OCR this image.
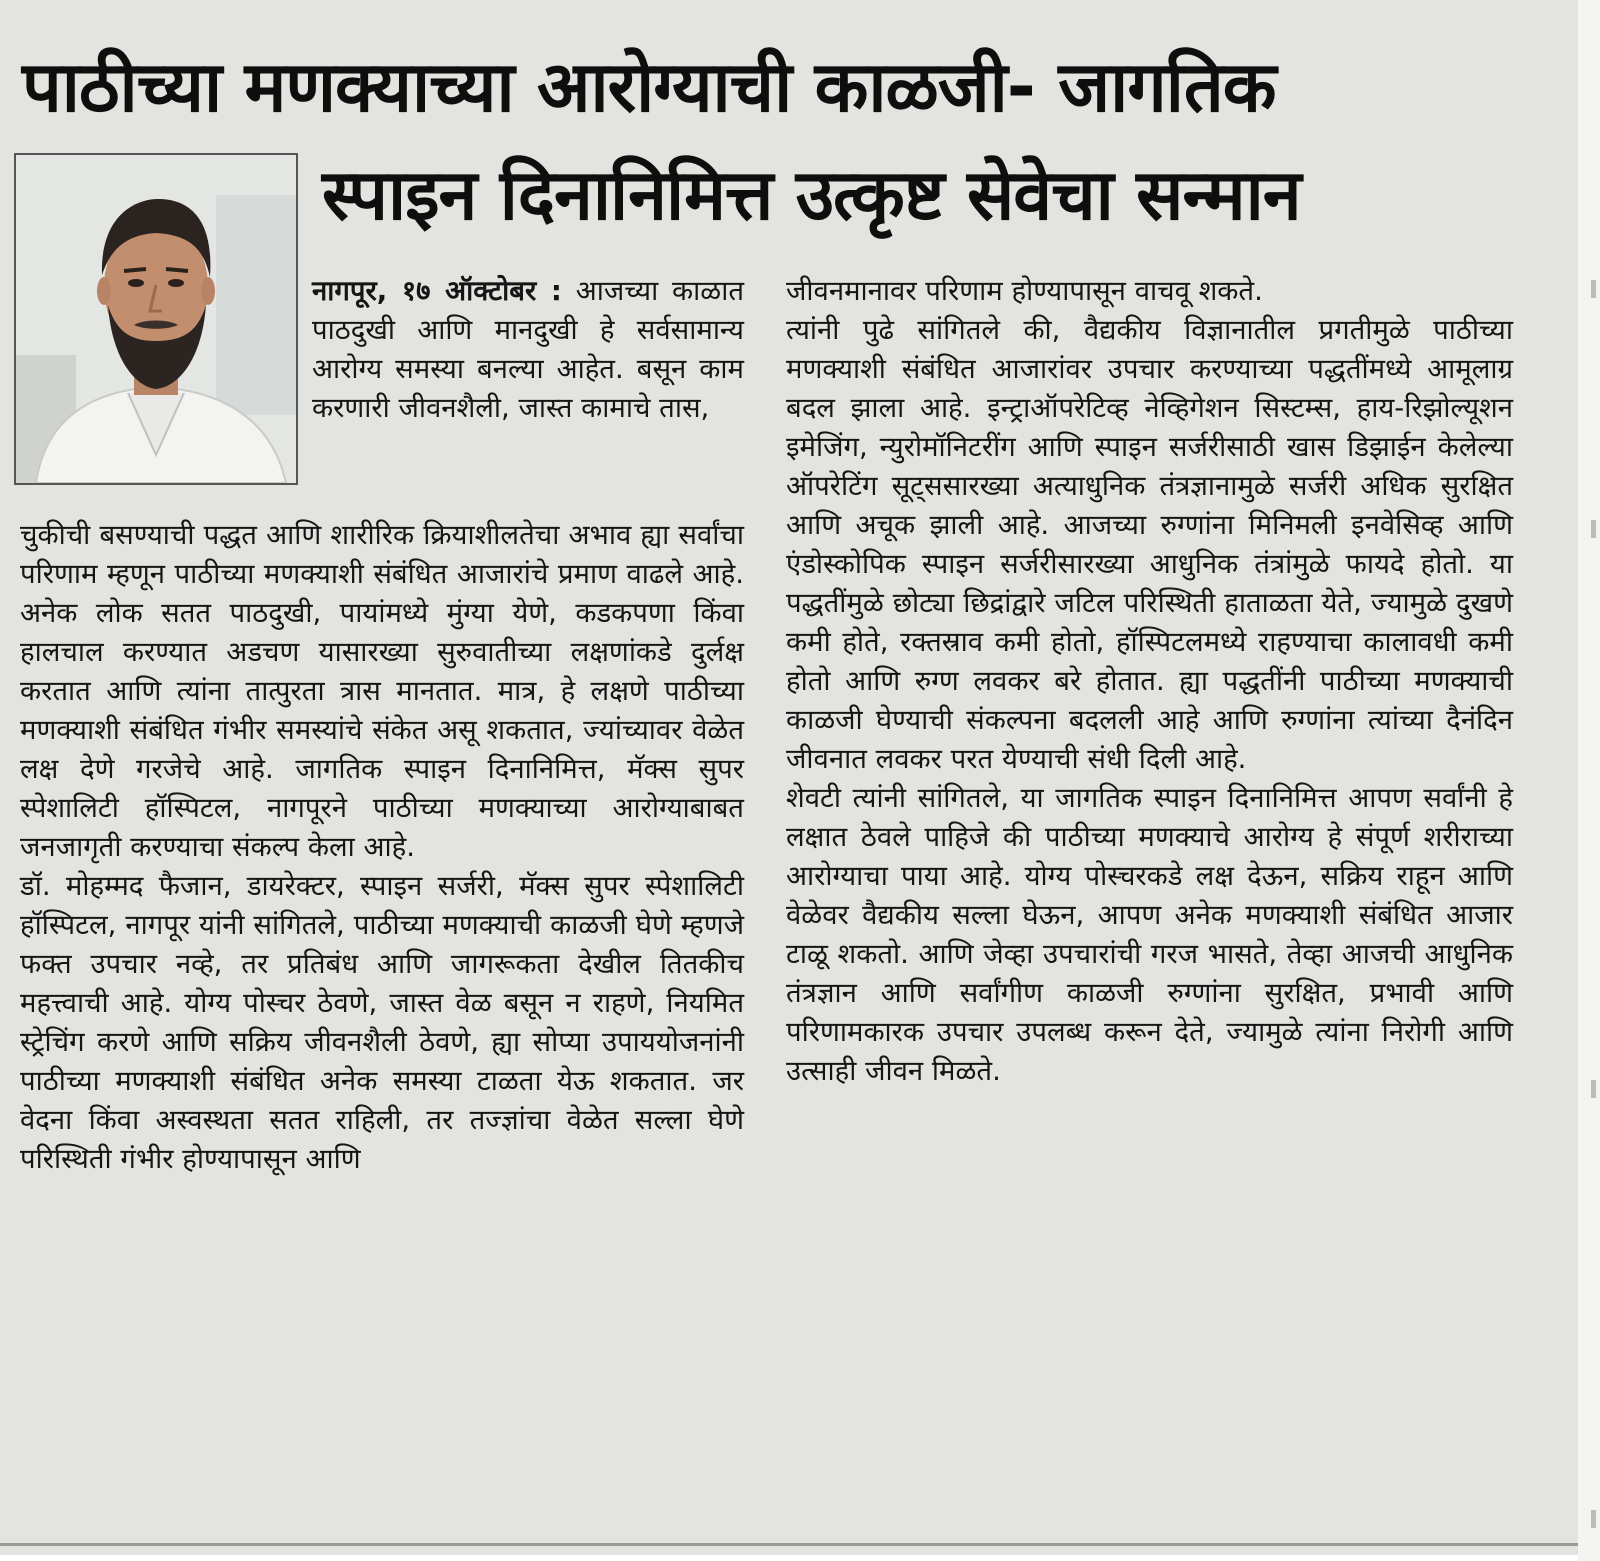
पाठीच्या मणक्याच्या आरोग्याची काळजी- जागतिक
स्पाइन दिनानिमित्त उत्कृष्ट सेवेचा सन्मान

नागपूर, १७ ऑक्टोबर : आजच्या काळात पाठदुखी आणि मानदुखी हे सर्वसामान्य आरोग्य समस्या बनल्या आहेत. बसून काम करणारी जीवनशैली, जास्त कामाचे तास,

चुकीची बसण्याची पद्धत आणि शारीरिक क्रियाशीलतेचा अभाव ह्या सर्वांचा परिणाम म्हणून पाठीच्या मणक्याशी संबंधित आजारांचे प्रमाण वाढले आहे. अनेक लोक सतत पाठदुखी, पायांमध्ये मुंग्या येणे, कडकपणा किंवा हालचाल करण्यात अडचण यासारख्या सुरुवातीच्या लक्षणांकडे दुर्लक्ष करतात आणि त्यांना तात्पुरता त्रास मानतात. मात्र, हे लक्षणे पाठीच्या मणक्याशी संबंधित गंभीर समस्यांचे संकेत असू शकतात, ज्यांच्यावर वेळेत लक्ष देणे गरजेचे आहे. जागतिक स्पाइन दिनानिमित्त, मॅक्स सुपर स्पेशालिटी हॉस्पिटल, नागपूरने पाठीच्या मणक्याच्या आरोग्याबाबत जनजागृती करण्याचा संकल्प केला आहे.

डॉ. मोहम्मद फैजान, डायरेक्टर, स्पाइन सर्जरी, मॅक्स सुपर स्पेशालिटी हॉस्पिटल, नागपूर यांनी सांगितले, पाठीच्या मणक्याची काळजी घेणे म्हणजे फक्त उपचार नव्हे, तर प्रतिबंध आणि जागरूकता देखील तितकीच महत्त्वाची आहे. योग्य पोस्चर ठेवणे, जास्त वेळ बसून न राहणे, नियमित स्ट्रेचिंग करणे आणि सक्रिय जीवनशैली ठेवणे, ह्या सोप्या उपाययोजनांनी पाठीच्या मणक्याशी संबंधित अनेक समस्या टाळता येऊ शकतात. जर वेदना किंवा अस्वस्थता सतत राहिली, तर तज्ज्ञांचा वेळेत सल्ला घेणे परिस्थिती गंभीर होण्यापासून आणि

जीवनमानावर परिणाम होण्यापासून वाचवू शकते.

त्यांनी पुढे सांगितले की, वैद्यकीय विज्ञानातील प्रगतीमुळे पाठीच्या मणक्याशी संबंधित आजारांवर उपचार करण्याच्या पद्धतींमध्ये आमूलाग्र बदल झाला आहे. इन्ट्राऑपरेटिव्ह नेव्हिगेशन सिस्टम्स, हाय-रिझोल्यूशन इमेजिंग, न्युरोमॉनिटरींग आणि स्पाइन सर्जरीसाठी खास डिझाईन केलेल्या ऑपरेटिंग सूट्ससारख्या अत्याधुनिक तंत्रज्ञानामुळे सर्जरी अधिक सुरक्षित आणि अचूक झाली आहे. आजच्या रुग्णांना मिनिमली इनवेसिव्ह आणि एंडोस्कोपिक स्पाइन सर्जरीसारख्या आधुनिक तंत्रांमुळे फायदे होतो. या पद्धतींमुळे छोट्या छिद्रांद्वारे जटिल परिस्थिती हाताळता येते, ज्यामुळे दुखणे कमी होते, रक्तस्राव कमी होतो, हॉस्पिटलमध्ये राहण्याचा कालावधी कमी होतो आणि रुग्ण लवकर बरे होतात. ह्या पद्धतींनी पाठीच्या मणक्याची काळजी घेण्याची संकल्पना बदलली आहे आणि रुग्णांना त्यांच्या दैनंदिन जीवनात लवकर परत येण्याची संधी दिली आहे.

शेवटी त्यांनी सांगितले, या जागतिक स्पाइन दिनानिमित्त आपण सर्वांनी हे लक्षात ठेवले पाहिजे की पाठीच्या मणक्याचे आरोग्य हे संपूर्ण शरीराच्या आरोग्याचा पाया आहे. योग्य पोस्चरकडे लक्ष देऊन, सक्रिय राहून आणि वेळेवर वैद्यकीय सल्ला घेऊन, आपण अनेक मणक्याशी संबंधित आजार टाळू शकतो. आणि जेव्हा उपचारांची गरज भासते, तेव्हा आजची आधुनिक तंत्रज्ञान आणि सर्वांगीण काळजी रुग्णांना सुरक्षित, प्रभावी आणि परिणामकारक उपचार उपलब्ध करून देते, ज्यामुळे त्यांना निरोगी आणि उत्साही जीवन मिळते.
